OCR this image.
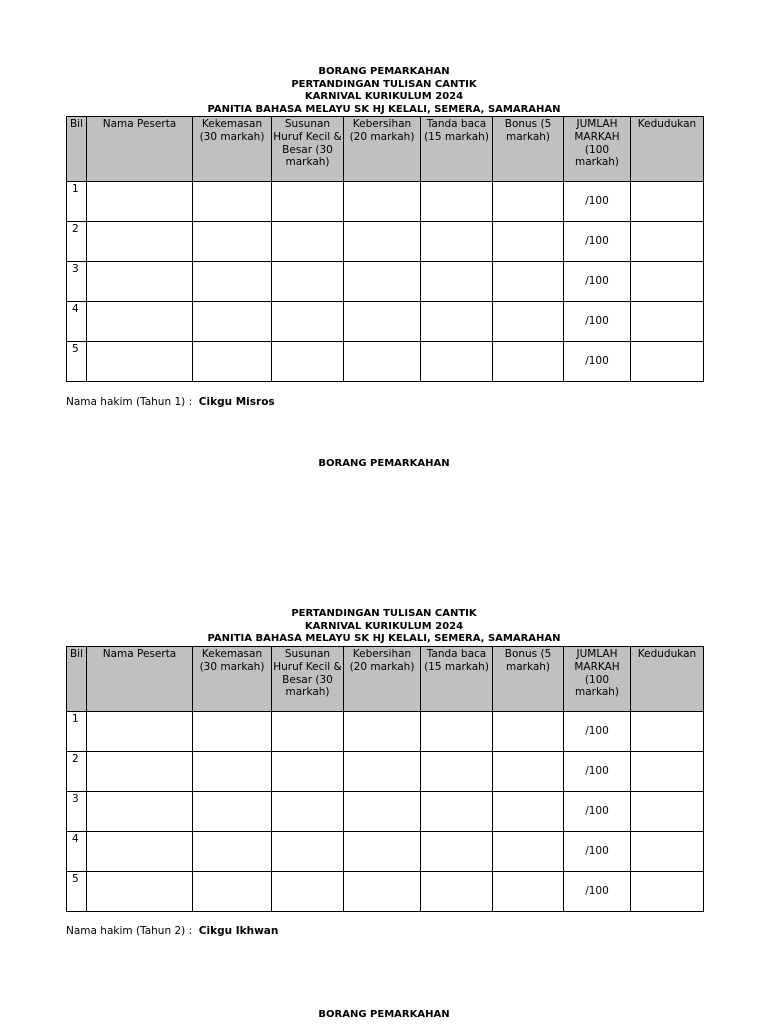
BORANG PEMARKAHAN
PERTANDINGAN TULISAN CANTIK
KARNIVAL KURIKULUM 2024
PANITIA BAHASA MELAYU SK HJ KELALI, SEMERA, SAMARAHAN
Bil	Nama Peserta	Kekemasan (30 markah)	Susunan Huruf Kecil & Besar (30 markah)	Kebersihan (20 markah)	Tanda baca (15 markah)	Bonus (5 markah)	JUMLAH MARKAH (100 markah)	Kedudukan
1							/100	
2							/100	
3							/100	
4							/100	
5							/100	
Nama hakim (Tahun 1) : Cikgu Misros
BORANG PEMARKAHAN
PERTANDINGAN TULISAN CANTIK
KARNIVAL KURIKULUM 2024
PANITIA BAHASA MELAYU SK HJ KELALI, SEMERA, SAMARAHAN
Bil	Nama Peserta	Kekemasan (30 markah)	Susunan Huruf Kecil & Besar (30 markah)	Kebersihan (20 markah)	Tanda baca (15 markah)	Bonus (5 markah)	JUMLAH MARKAH (100 markah)	Kedudukan
1							/100	
2							/100	
3							/100	
4							/100	
5							/100	
Nama hakim (Tahun 2) : Cikgu Ikhwan
BORANG PEMARKAHAN
